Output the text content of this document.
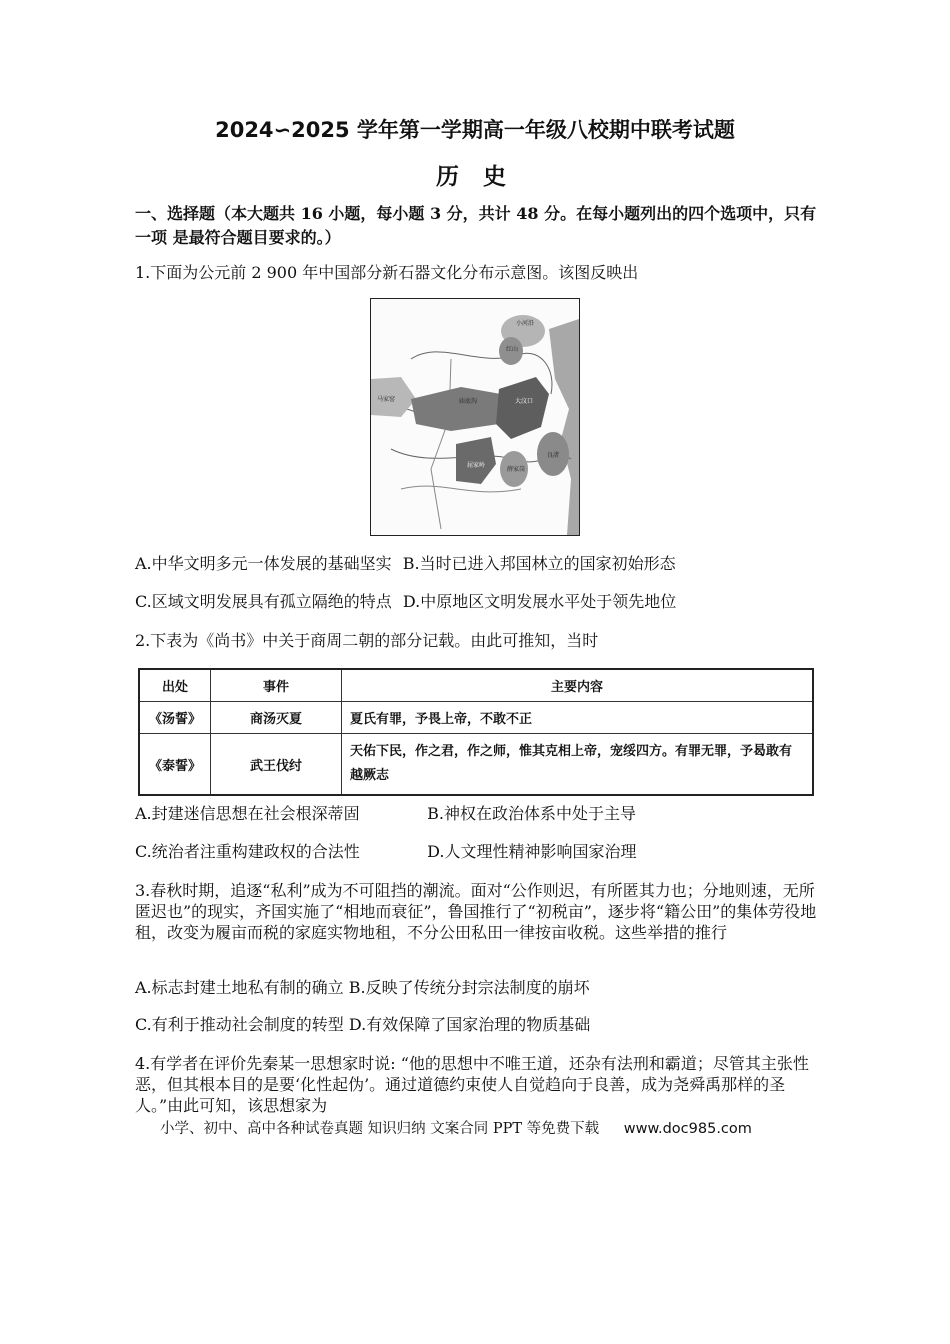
2024∽2025 学年第一学期高一年级八校期中联考试题
历 史
一、选择题（本大题共 16 小题，每小题 3 分，共计 48 分。在每小题列出的四个选项中，只有一项 是最符合题目要求的。）
1.下面为公元前 2 900 年中国部分新石器文化分布示意图。该图反映出
小河沿
红山
马家窑	庙底沟	大汶口
屈家岭
良渚
薛家岗
A.中华文明多元一体发展的基础坚实 B.当时已进入邦国林立的国家初始形态
C.区域文明发展具有孤立隔绝的特点 D.中原地区文明发展水平处于领先地位
2.下表为《尚书》中关于商周二朝的部分记载。由此可推知，当时
出处	事件	主要内容
《汤誓》	商汤灭夏	夏氏有罪，予畏上帝，不敢不正
《泰誓》	武王伐纣	天佑下民，作之君，作之师，惟其克相上帝，宠绥四方。有罪无罪，予曷敢有越厥志
A.封建迷信思想在社会根深蒂固	B.神权在政治体系中处于主导
C.统治者注重构建政权的合法性	D.人文理性精神影响国家治理
3.春秋时期，追逐“私利”成为不可阻挡的潮流。面对“公作则迟，有所匿其力也；分地则速，无所匿迟也”的现实，齐国实施了“相地而衰征”，鲁国推行了“初税亩”，逐步将“籍公田”的集体劳役地租，改变为履亩而税的家庭实物地租，不分公田私田一律按亩收税。这些举措的推行
A.标志封建土地私有制的确立 B.反映了传统分封宗法制度的崩坏
C.有利于推动社会制度的转型 D.有效保障了国家治理的物质基础
4.有学者在评价先秦某一思想家时说: “他的思想中不唯王道，还杂有法刑和霸道；尽管其主张性恶，但其根本目的是要‘化性起伪’。通过道德约束使人自觉趋向于良善，成为尧舜禹那样的圣人。”由此可知，该思想家为
小学、初中、高中各种试卷真题 知识归纳 文案合同 PPT 等免费下载 www.doc985.com
